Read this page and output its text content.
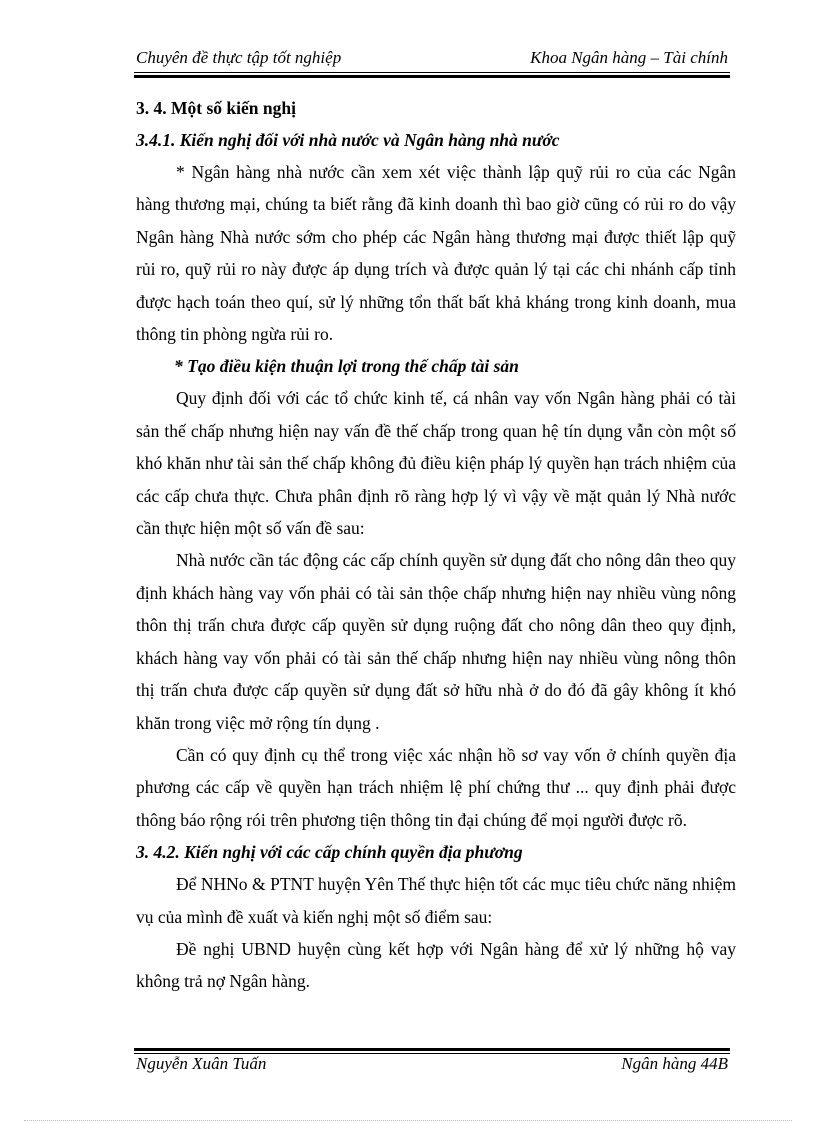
Chuyên đề thực tập tốt nghiệp	Khoa Ngân hàng – Tài chính

3. 4. Một số kiến nghị

3.4.1. Kiến nghị đối với nhà nước và Ngân hàng nhà nước

* Ngân hàng nhà nước cần xem xét việc thành lập quỹ rủi ro của các Ngân hàng thương mại, chúng ta biết rằng đã kinh doanh thì bao giờ cũng có rủi ro do vậy Ngân hàng Nhà nước sớm cho phép các Ngân hàng thương mại được thiết lập quỹ rủi ro, quỹ rủi ro này được áp dụng trích và được quản lý tại các chi nhánh cấp tỉnh được hạch toán theo quí, sử lý những tổn thất bất khả kháng trong kinh doanh, mua thông tin phòng ngừa rủi ro.

* Tạo điều kiện thuận lợi trong thế chấp tài sản

Quy định đối với các tổ chức kinh tế, cá nhân vay vốn Ngân hàng phải có tài sản thế chấp nhưng hiện nay vấn đề thế chấp trong quan hệ tín dụng vẫn còn một số khó khăn như tài sản thế chấp không đủ điều kiện pháp lý quyền hạn trách nhiệm của các cấp chưa thực. Chưa phân định rõ ràng hợp lý vì vậy về mặt quản lý Nhà nước cần thực hiện một số vấn đề sau:

Nhà nước cần tác động các cấp chính quyền sử dụng đất cho nông dân theo quy định khách hàng vay vốn phải có tài sản thộe chấp nhưng hiện nay nhiều vùng nông thôn thị trấn chưa được cấp quyền sử dụng ruộng đất cho nông dân theo quy định, khách hàng vay vốn phải có tài sản thế chấp nhưng hiện nay nhiều vùng nông thôn thị trấn chưa được cấp quyền sử dụng đất sở hữu nhà ở do đó đã gây không ít khó khăn trong việc mở rộng tín dụng .

Cần có quy định cụ thể trong việc xác nhận hồ sơ vay vốn ở chính quyền địa phương các cấp về quyền hạn trách nhiệm lệ phí chứng thư ... quy định phải được thông báo rộng rói trên phương tiện thông tin đại chúng để mọi người được rõ.

3. 4.2. Kiến nghị với các cấp chính quyền địa phương

Để NHNo & PTNT huyện Yên Thế thực hiện tốt các mục tiêu chức năng nhiệm vụ của mình đề xuất và kiến nghị một số điểm sau:

Đề nghị UBND huyện cùng kết hợp với Ngân hàng để xử lý những hộ vay không trả nợ Ngân hàng.

Nguyễn Xuân Tuấn	Ngân hàng 44B
